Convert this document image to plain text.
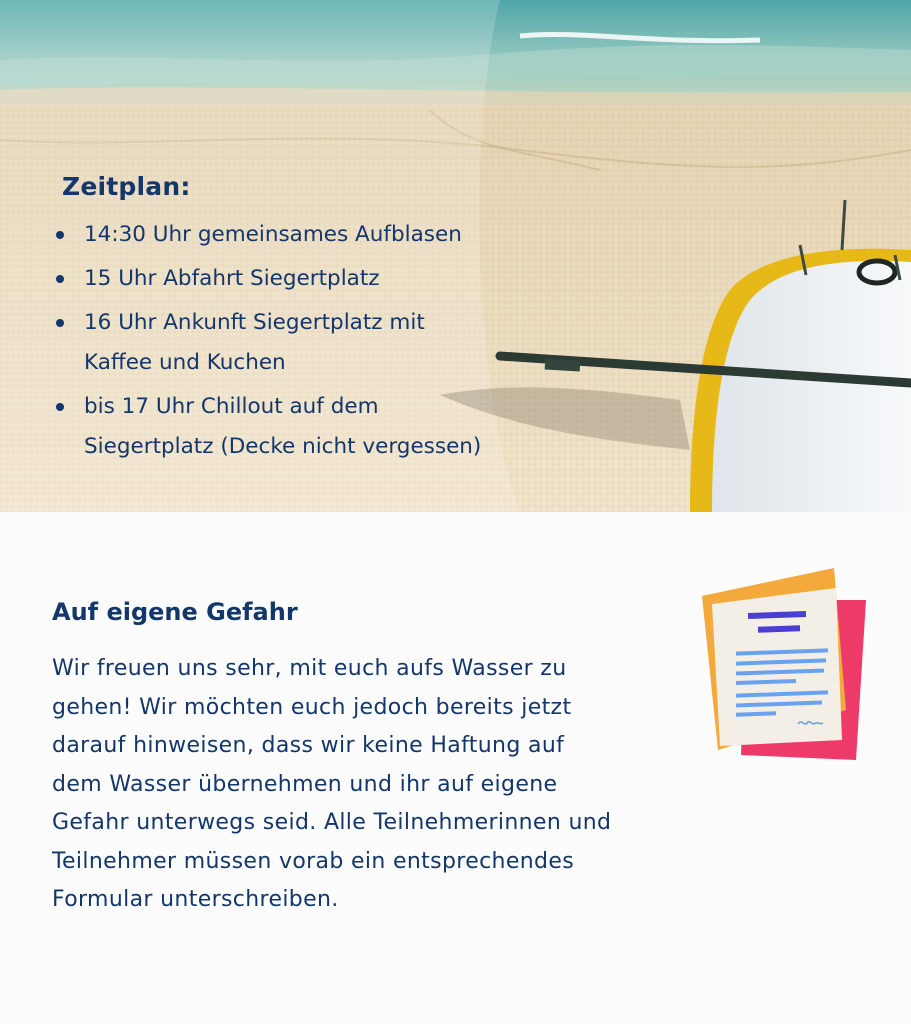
Zeitplan:
14:30 Uhr gemeinsames Aufblasen
15 Uhr Abfahrt Siegertplatz
16 Uhr Ankunft Siegertplatz mit
Kaffee und Kuchen
bis 17 Uhr Chillout auf dem
Siegertplatz (Decke nicht vergessen)
Auf eigene Gefahr

Wir freuen uns sehr, mit euch aufs Wasser zu
gehen! Wir möchten euch jedoch bereits jetzt
darauf hinweisen, dass wir keine Haftung auf
dem Wasser übernehmen und ihr auf eigene
Gefahr unterwegs seid. Alle Teilnehmerinnen und
Teilnehmer müssen vorab ein entsprechendes
Formular unterschreiben.
